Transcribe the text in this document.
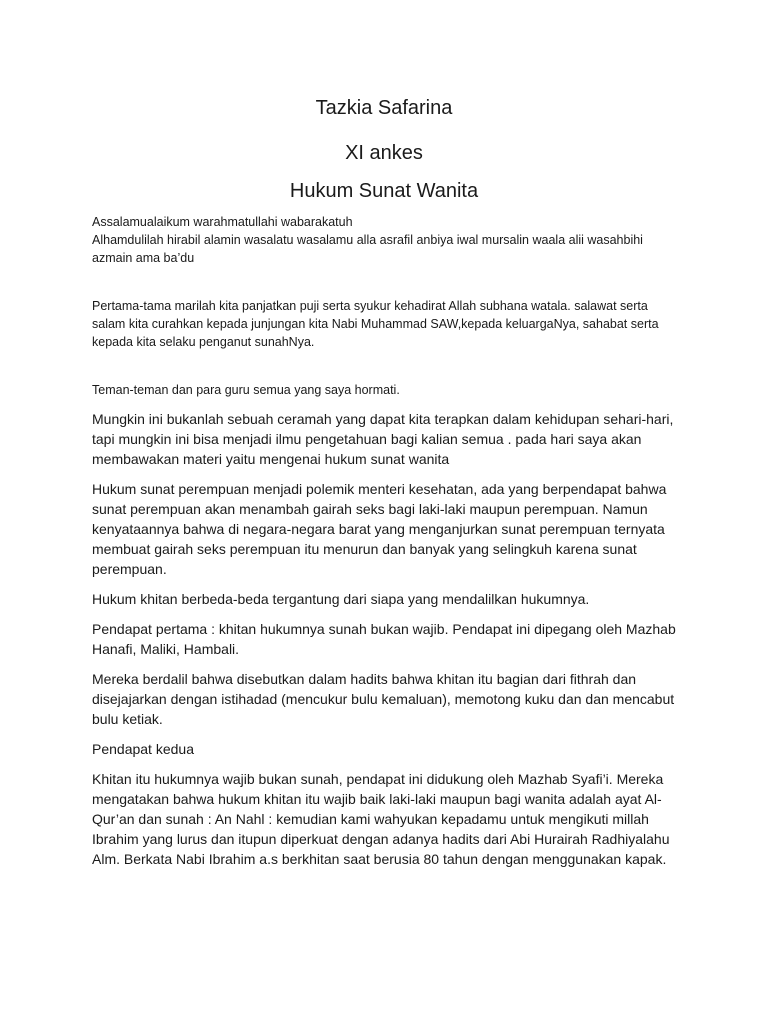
Tazkia Safarina
XI ankes
Hukum Sunat Wanita

Assalamualaikum warahmatullahi wabarakatuh

Alhamdulilah hirabil alamin wasalatu wasalamu alla asrafil anbiya iwal mursalin waala alii wasahbihi azmain ama ba’du

Pertama-tama marilah kita panjatkan puji serta syukur kehadirat Allah subhana watala. salawat serta salam kita curahkan kepada junjungan kita Nabi Muhammad SAW,kepada keluargaNya, sahabat serta kepada kita selaku penganut sunahNya.

Teman-teman dan para guru semua yang saya hormati.

Mungkin ini bukanlah sebuah ceramah yang dapat kita terapkan dalam kehidupan sehari-hari, tapi mungkin ini bisa menjadi ilmu pengetahuan bagi kalian semua . pada hari saya akan membawakan materi yaitu mengenai hukum sunat wanita

Hukum sunat perempuan menjadi polemik menteri kesehatan, ada yang berpendapat bahwa sunat perempuan akan menambah gairah seks bagi laki-laki maupun perempuan. Namun kenyataannya bahwa di negara-negara barat yang menganjurkan sunat perempuan ternyata membuat gairah seks perempuan itu menurun dan banyak yang selingkuh karena sunat perempuan.

Hukum khitan berbeda-beda tergantung dari siapa yang mendalilkan hukumnya.

Pendapat pertama : khitan hukumnya sunah bukan wajib. Pendapat ini dipegang oleh Mazhab Hanafi, Maliki, Hambali.

Mereka berdalil bahwa disebutkan dalam hadits bahwa khitan itu bagian dari fithrah dan disejajarkan dengan istihadad (mencukur bulu kemaluan), memotong kuku dan dan mencabut bulu ketiak.

Pendapat kedua

Khitan itu hukumnya wajib bukan sunah, pendapat ini didukung oleh Mazhab Syafi’i. Mereka mengatakan bahwa hukum khitan itu wajib baik laki-laki maupun bagi wanita adalah ayat Al-Qur’an dan sunah : An Nahl : kemudian kami wahyukan kepadamu untuk mengikuti millah Ibrahim yang lurus dan itupun diperkuat dengan adanya hadits dari Abi Hurairah Radhiyalahu Alm. Berkata Nabi Ibrahim a.s berkhitan saat berusia 80 tahun dengan menggunakan kapak.
